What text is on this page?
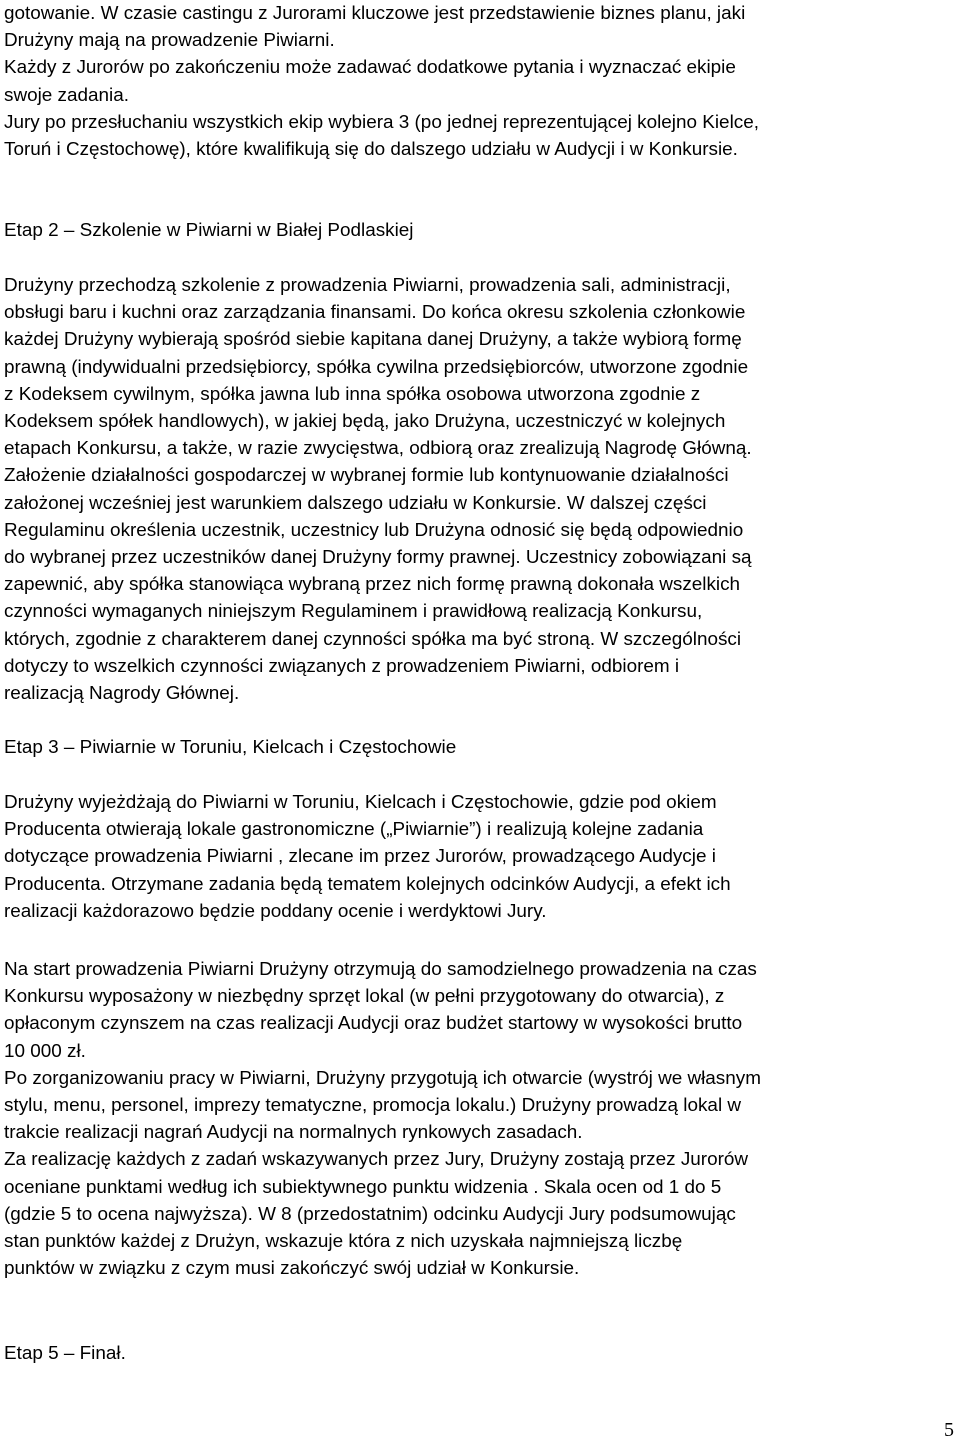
gotowanie. W czasie castingu z Jurorami kluczowe jest przedstawienie biznes planu, jaki
Drużyny mają na prowadzenie Piwiarni.
Każdy z Jurorów po zakończeniu może zadawać dodatkowe pytania i wyznaczać ekipie
swoje zadania.
Jury po przesłuchaniu wszystkich ekip wybiera 3 (po jednej reprezentującej kolejno Kielce,
Toruń i Częstochowę), które kwalifikują się do dalszego udziału w Audycji i w Konkursie.
Etap 2 – Szkolenie w Piwiarni w Białej Podlaskiej
Drużyny przechodzą szkolenie z prowadzenia Piwiarni, prowadzenia sali, administracji,
obsługi baru i kuchni oraz zarządzania finansami. Do końca okresu szkolenia członkowie
każdej Drużyny wybierają spośród siebie kapitana danej Drużyny, a także wybiorą formę
prawną (indywidualni przedsiębiorcy, spółka cywilna przedsiębiorców, utworzone zgodnie
z Kodeksem cywilnym, spółka jawna lub inna spółka osobowa utworzona zgodnie z
Kodeksem spółek handlowych), w jakiej będą, jako Drużyna, uczestniczyć w kolejnych
etapach Konkursu, a także, w razie zwycięstwa, odbiorą oraz zrealizują Nagrodę Główną.
Założenie działalności gospodarczej w wybranej formie lub kontynuowanie działalności
założonej wcześniej jest warunkiem dalszego udziału w Konkursie. W dalszej części
Regulaminu określenia uczestnik, uczestnicy lub Drużyna odnosić się będą odpowiednio
do wybranej przez uczestników danej Drużyny formy prawnej. Uczestnicy zobowiązani są
zapewnić, aby spółka stanowiąca wybraną przez nich formę prawną dokonała wszelkich
czynności wymaganych niniejszym Regulaminem i prawidłową realizacją Konkursu,
których, zgodnie z charakterem danej czynności spółka ma być stroną. W szczególności
dotyczy to wszelkich czynności związanych z prowadzeniem Piwiarni, odbiorem i
realizacją Nagrody Głównej.
Etap 3 – Piwiarnie w Toruniu, Kielcach i Częstochowie
Drużyny wyjeżdżają do Piwiarni w Toruniu, Kielcach i Częstochowie, gdzie pod okiem
Producenta otwierają lokale gastronomiczne („Piwiarnie”) i realizują kolejne zadania
dotyczące prowadzenia Piwiarni , zlecane im przez Jurorów, prowadzącego Audycje i
Producenta. Otrzymane zadania będą tematem kolejnych odcinków Audycji, a efekt ich
realizacji każdorazowo będzie poddany ocenie i werdyktowi Jury.
Na start prowadzenia Piwiarni Drużyny otrzymują do samodzielnego prowadzenia na czas
Konkursu wyposażony w niezbędny sprzęt lokal (w pełni przygotowany do otwarcia), z
opłaconym czynszem na czas realizacji Audycji oraz budżet startowy w wysokości brutto
10 000 zł.
Po zorganizowaniu pracy w Piwiarni, Drużyny przygotują ich otwarcie (wystrój we własnym
stylu, menu, personel, imprezy tematyczne, promocja lokalu.) Drużyny prowadzą lokal w
trakcie realizacji nagrań Audycji na normalnych rynkowych zasadach.
Za realizację każdych z zadań wskazywanych przez Jury, Drużyny zostają przez Jurorów
oceniane punktami według ich subiektywnego punktu widzenia . Skala ocen od 1 do 5
(gdzie 5 to ocena najwyższa). W 8 (przedostatnim) odcinku Audycji Jury podsumowując
stan punktów każdej z Drużyn, wskazuje która z nich uzyskała najmniejszą liczbę
punktów w związku z czym musi zakończyć swój udział w Konkursie.
Etap 5 – Finał.
5
